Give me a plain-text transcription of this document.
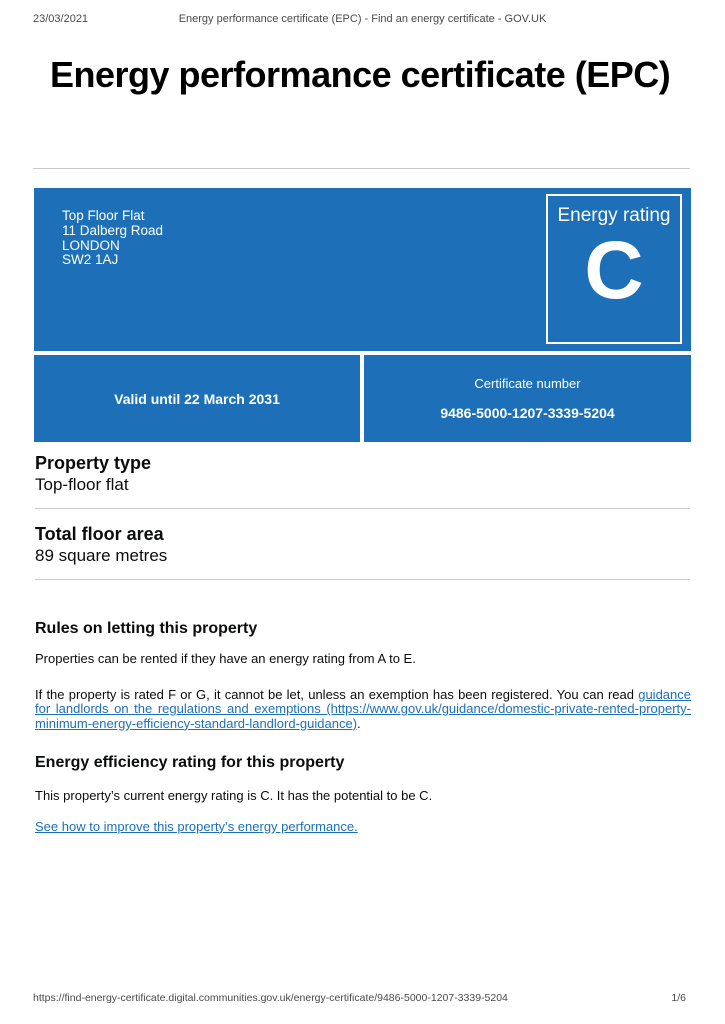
23/03/2021	Energy performance certificate (EPC) - Find an energy certificate - GOV.UK
Energy performance certificate (EPC)
Top Floor Flat
11 Dalberg Road
LONDON
SW2 1AJ
Energy rating
C
Valid until 22 March 2031
Certificate number
9486-5000-1207-3339-5204
Property type
Top-floor flat
Total floor area
89 square metres
Rules on letting this property

Properties can be rented if they have an energy rating from A to E.

If the property is rated F or G, it cannot be let, unless an exemption has been registered. You can read guidance for landlords on the regulations and exemptions (https://www.gov.uk/guidance/domestic-private-rented-property-minimum-energy-efficiency-standard-landlord-guidance).

Energy efficiency rating for this property

This property’s current energy rating is C. It has the potential to be C.

See how to improve this property’s energy performance.

https://find-energy-certificate.digital.communities.gov.uk/energy-certificate/9486-5000-1207-3339-5204	1/6
